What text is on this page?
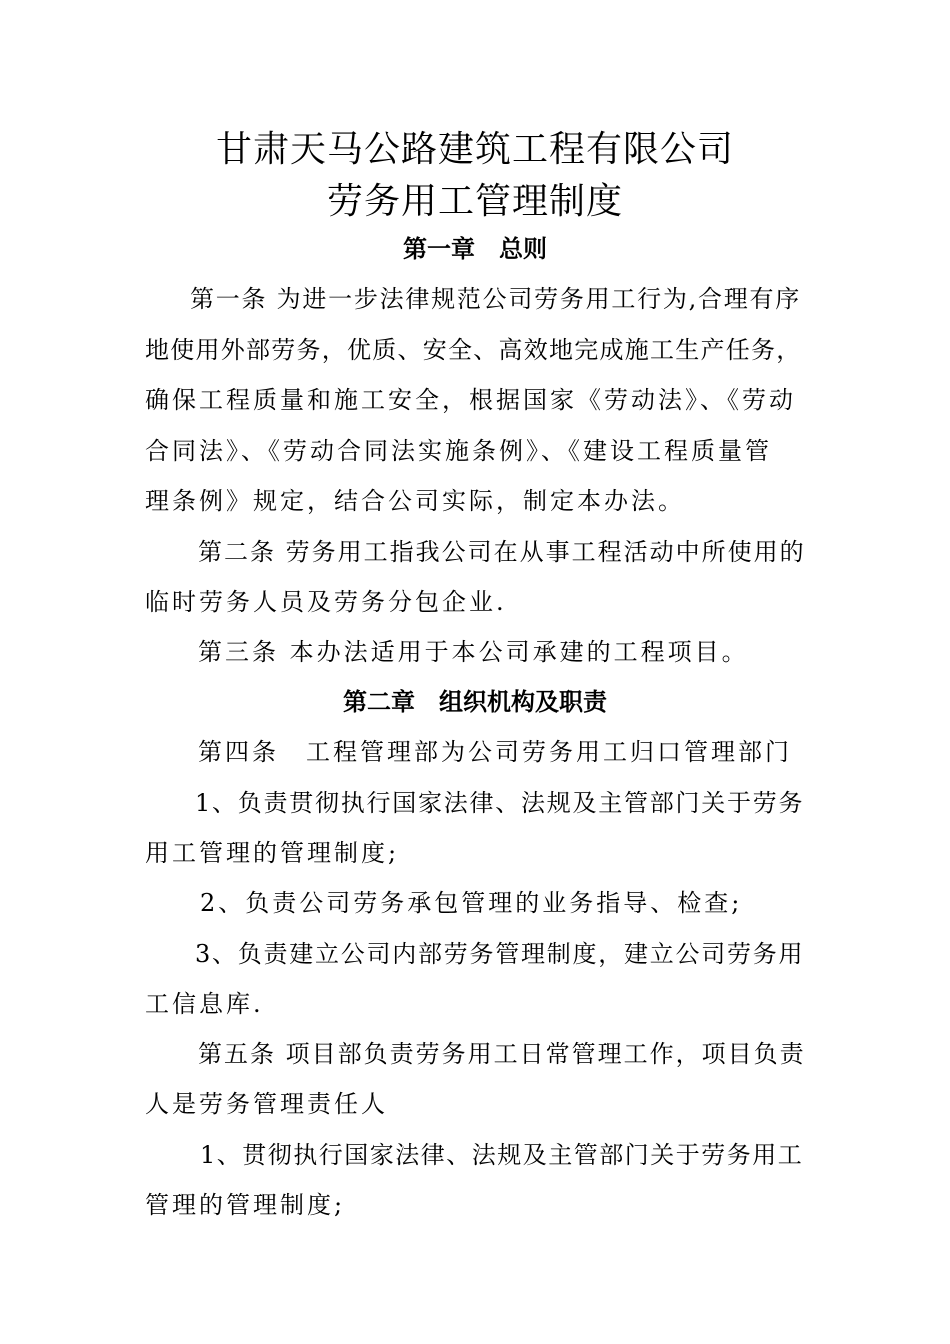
甘肃天马公路建筑工程有限公司
劳务用工管理制度
第一章　总则
第一条 为进一步法律规范公司劳务用工行为,合理有序
地使用外部劳务，优质、安全、高效地完成施工生产任务，
确保工程质量和施工安全，根据国家《劳动法》、《劳动
合同法》、《劳动合同法实施条例》、《建设工程质量管
理条例》规定，结合公司实际，制定本办法。
第二条 劳务用工指我公司在从事工程活动中所使用的
临时劳务人员及劳务分包企业.
第三条 本办法适用于本公司承建的工程项目。
第二章　组织机构及职责
第四条　工程管理部为公司劳务用工归口管理部门
1、负责贯彻执行国家法律、法规及主管部门关于劳务
用工管理的管理制度;
2、负责公司劳务承包管理的业务指导、检查;
3、负责建立公司内部劳务管理制度，建立公司劳务用
工信息库.
第五条 项目部负责劳务用工日常管理工作，项目负责
人是劳务管理责任人
1、贯彻执行国家法律、法规及主管部门关于劳务用工
管理的管理制度;
